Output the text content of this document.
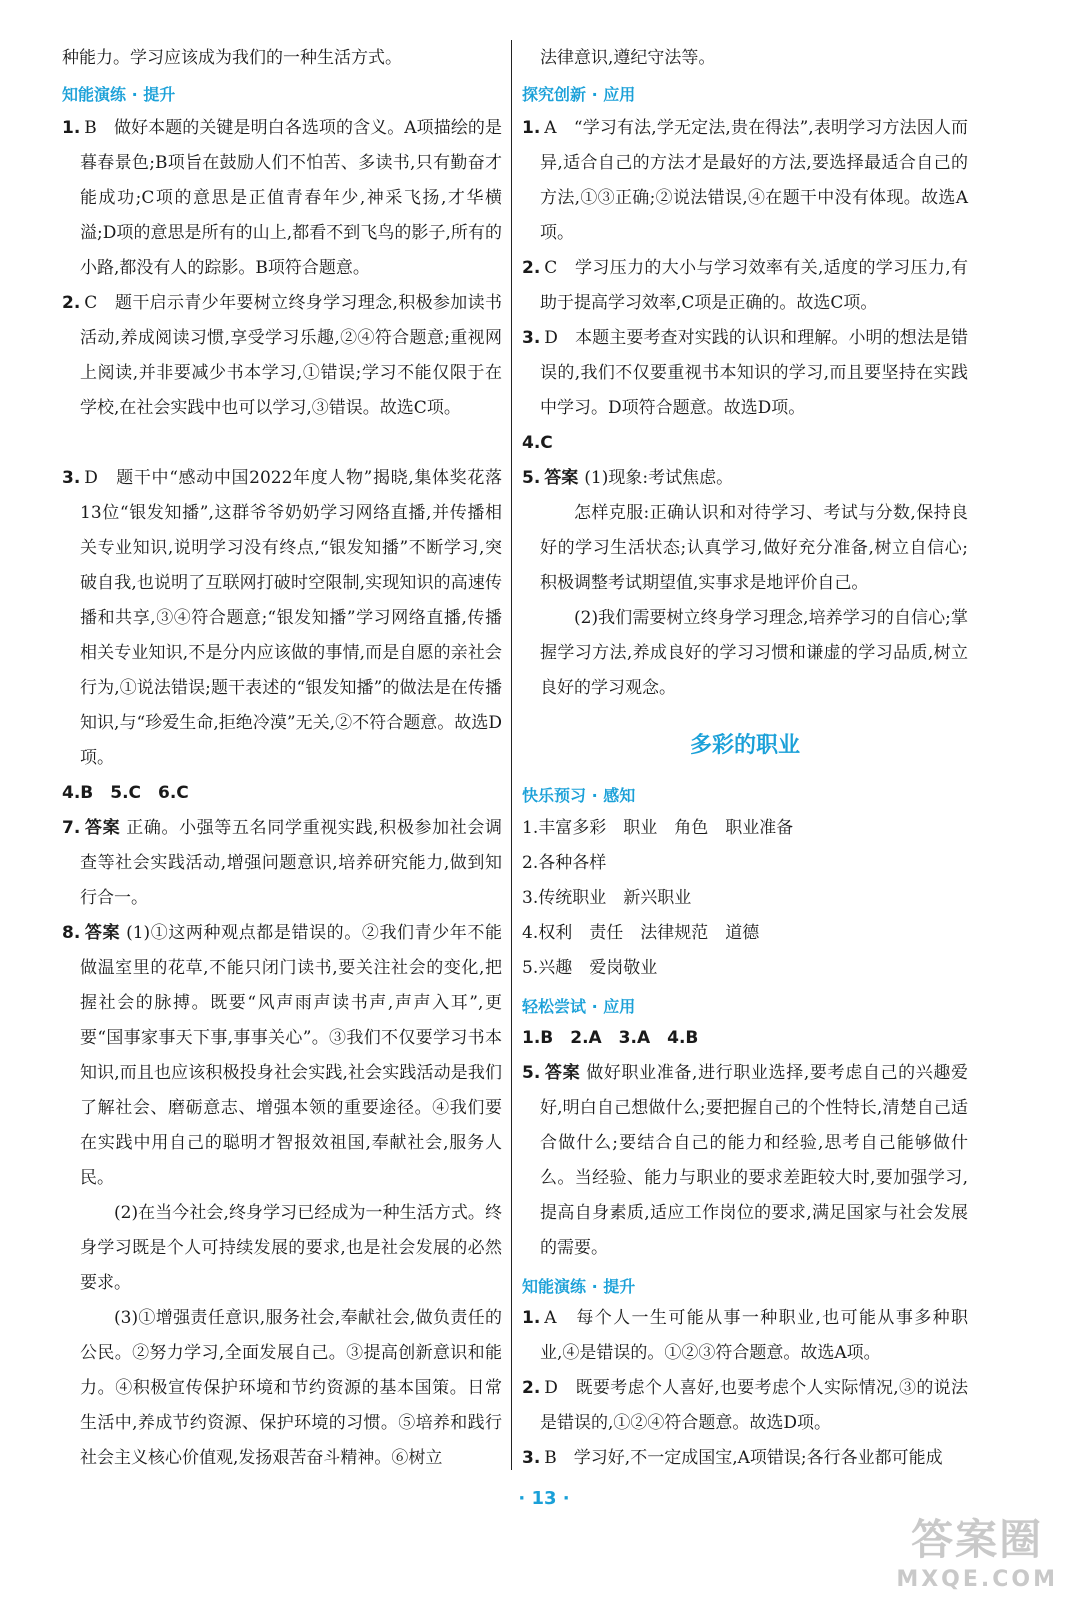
种能力。学习应该成为我们的一种生活方式。
知能演练 · 提升
1. B　做好本题的关键是明白各选项的含义。A项描绘的是暮春景色;B项旨在鼓励人们不怕苦、多读书,只有勤奋才能成功;C项的意思是正值青春年少,神采飞扬,才华横溢;D项的意思是所有的山上,都看不到飞鸟的影子,所有的小路,都没有人的踪影。B项符合题意。
2. C　题干启示青少年要树立终身学习理念,积极参加读书活动,养成阅读习惯,享受学习乐趣,②④符合题意;重视网上阅读,并非要减少书本学习,①错误;学习不能仅限于在学校,在社会实践中也可以学习,③错误。故选C项。
3. D　题干中“感动中国2022年度人物”揭晓,集体奖花落13位“银发知播”,这群爷爷奶奶学习网络直播,并传播相关专业知识,说明学习没有终点,“银发知播”不断学习,突破自我,也说明了互联网打破时空限制,实现知识的高速传播和共享,③④符合题意;“银发知播”学习网络直播,传播相关专业知识,不是分内应该做的事情,而是自愿的亲社会行为,①说法错误;题干表述的“银发知播”的做法是在传播知识,与“珍爱生命,拒绝冷漠”无关,②不符合题意。故选D项。
4.B　5.C　6.C
7. 答案 正确。小强等五名同学重视实践,积极参加社会调查等社会实践活动,增强问题意识,培养研究能力,做到知行合一。
8. 答案 (1)①这两种观点都是错误的。②我们青少年不能做温室里的花草,不能只闭门读书,要关注社会的变化,把握社会的脉搏。既要“风声雨声读书声,声声入耳”,更要“国事家事天下事,事事关心”。③我们不仅要学习书本知识,而且也应该积极投身社会实践,社会实践活动是我们了解社会、磨砺意志、增强本领的重要途径。④我们要在实践中用自己的聪明才智报效祖国,奉献社会,服务人民。
(2)在当今社会,终身学习已经成为一种生活方式。终身学习既是个人可持续发展的要求,也是社会发展的必然要求。
(3)①增强责任意识,服务社会,奉献社会,做负责任的公民。②努力学习,全面发展自己。③提高创新意识和能力。④积极宣传保护环境和节约资源的基本国策。日常生活中,养成节约资源、保护环境的习惯。⑤培养和践行社会主义核心价值观,发扬艰苦奋斗精神。⑥树立
法律意识,遵纪守法等。
探究创新 · 应用
1. A　“学习有法,学无定法,贵在得法”,表明学习方法因人而异,适合自己的方法才是最好的方法,要选择最适合自己的方法,①③正确;②说法错误,④在题干中没有体现。故选A项。
2. C　学习压力的大小与学习效率有关,适度的学习压力,有助于提高学习效率,C项是正确的。故选C项。
3. D　本题主要考查对实践的认识和理解。小明的想法是错误的,我们不仅要重视书本知识的学习,而且要坚持在实践中学习。D项符合题意。故选D项。
4.C
5. 答案 (1)现象:考试焦虑。
怎样克服:正确认识和对待学习、考试与分数,保持良好的学习生活状态;认真学习,做好充分准备,树立自信心;积极调整考试期望值,实事求是地评价自己。
(2)我们需要树立终身学习理念,培养学习的自信心;掌握学习方法,养成良好的学习习惯和谦虚的学习品质,树立良好的学习观念。
多彩的职业
快乐预习 · 感知
1.丰富多彩　职业　角色　职业准备
2.各种各样
3.传统职业　新兴职业
4.权利　责任　法律规范　道德
5.兴趣　爱岗敬业
轻松尝试 · 应用
1.B　2.A　3.A　4.B
5. 答案 做好职业准备,进行职业选择,要考虑自己的兴趣爱好,明白自己想做什么;要把握自己的个性特长,清楚自己适合做什么;要结合自己的能力和经验,思考自己能够做什么。当经验、能力与职业的要求差距较大时,要加强学习,提高自身素质,适应工作岗位的要求,满足国家与社会发展的需要。
知能演练 · 提升
1. A　每个人一生可能从事一种职业,也可能从事多种职业,④是错误的。①②③符合题意。故选A项。
2. D　既要考虑个人喜好,也要考虑个人实际情况,③的说法是错误的,①②④符合题意。故选D项。
3. B　学习好,不一定成国宝,A项错误;各行各业都可能成
· 13 ·
答案圈
MXQE.COM
